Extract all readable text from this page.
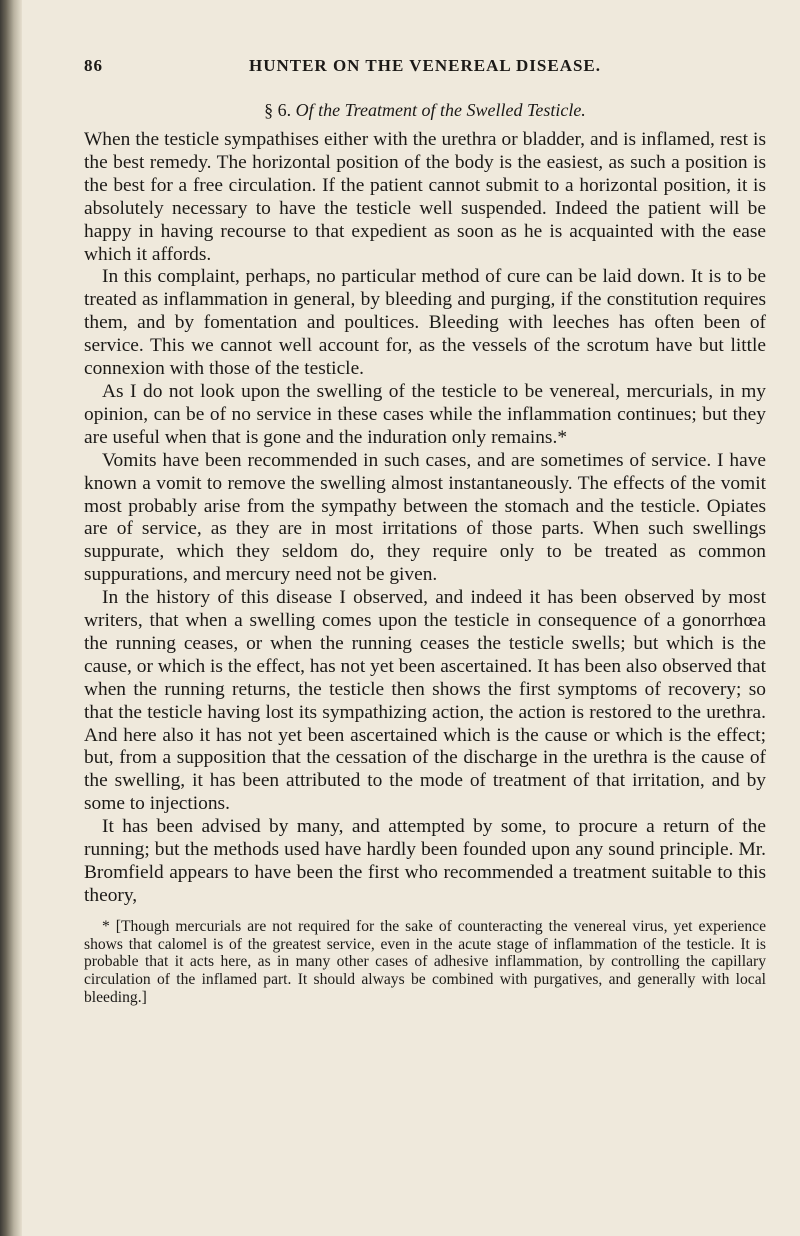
86	HUNTER ON THE VENEREAL DISEASE.
§ 6. Of the Treatment of the Swelled Testicle.

When the testicle sympathises either with the urethra or bladder, and is inflamed, rest is the best remedy. The horizontal position of the body is the easiest, as such a position is the best for a free circulation. If the patient cannot submit to a horizontal position, it is absolutely necessary to have the testicle well suspended. Indeed the patient will be happy in having recourse to that expedient as soon as he is acquainted with the ease which it affords.

In this complaint, perhaps, no particular method of cure can be laid down. It is to be treated as inflammation in general, by bleeding and purging, if the constitution requires them, and by fomentation and poultices. Bleeding with leeches has often been of service. This we cannot well account for, as the vessels of the scrotum have but little connexion with those of the testicle.

As I do not look upon the swelling of the testicle to be venereal, mercurials, in my opinion, can be of no service in these cases while the inflammation continues; but they are useful when that is gone and the induration only remains.*

Vomits have been recommended in such cases, and are sometimes of service. I have known a vomit to remove the swelling almost instantaneously. The effects of the vomit most probably arise from the sympathy between the stomach and the testicle. Opiates are of service, as they are in most irritations of those parts. When such swellings suppurate, which they seldom do, they require only to be treated as common suppurations, and mercury need not be given.

In the history of this disease I observed, and indeed it has been observed by most writers, that when a swelling comes upon the testicle in consequence of a gonorrhœa the running ceases, or when the running ceases the testicle swells; but which is the cause, or which is the effect, has not yet been ascertained. It has been also observed that when the running returns, the testicle then shows the first symptoms of recovery; so that the testicle having lost its sympathizing action, the action is restored to the urethra. And here also it has not yet been ascertained which is the cause or which is the effect; but, from a supposition that the cessation of the discharge in the urethra is the cause of the swelling, it has been attributed to the mode of treatment of that irritation, and by some to injections.

It has been advised by many, and attempted by some, to procure a return of the running; but the methods used have hardly been founded upon any sound principle. Mr. Bromfield appears to have been the first who recommended a treatment suitable to this theory,

* [Though mercurials are not required for the sake of counteracting the venereal virus, yet experience shows that calomel is of the greatest service, even in the acute stage of inflammation of the testicle. It is probable that it acts here, as in many other cases of adhesive inflammation, by controlling the capillary circulation of the inflamed part. It should always be combined with purgatives, and generally with local bleeding.]
